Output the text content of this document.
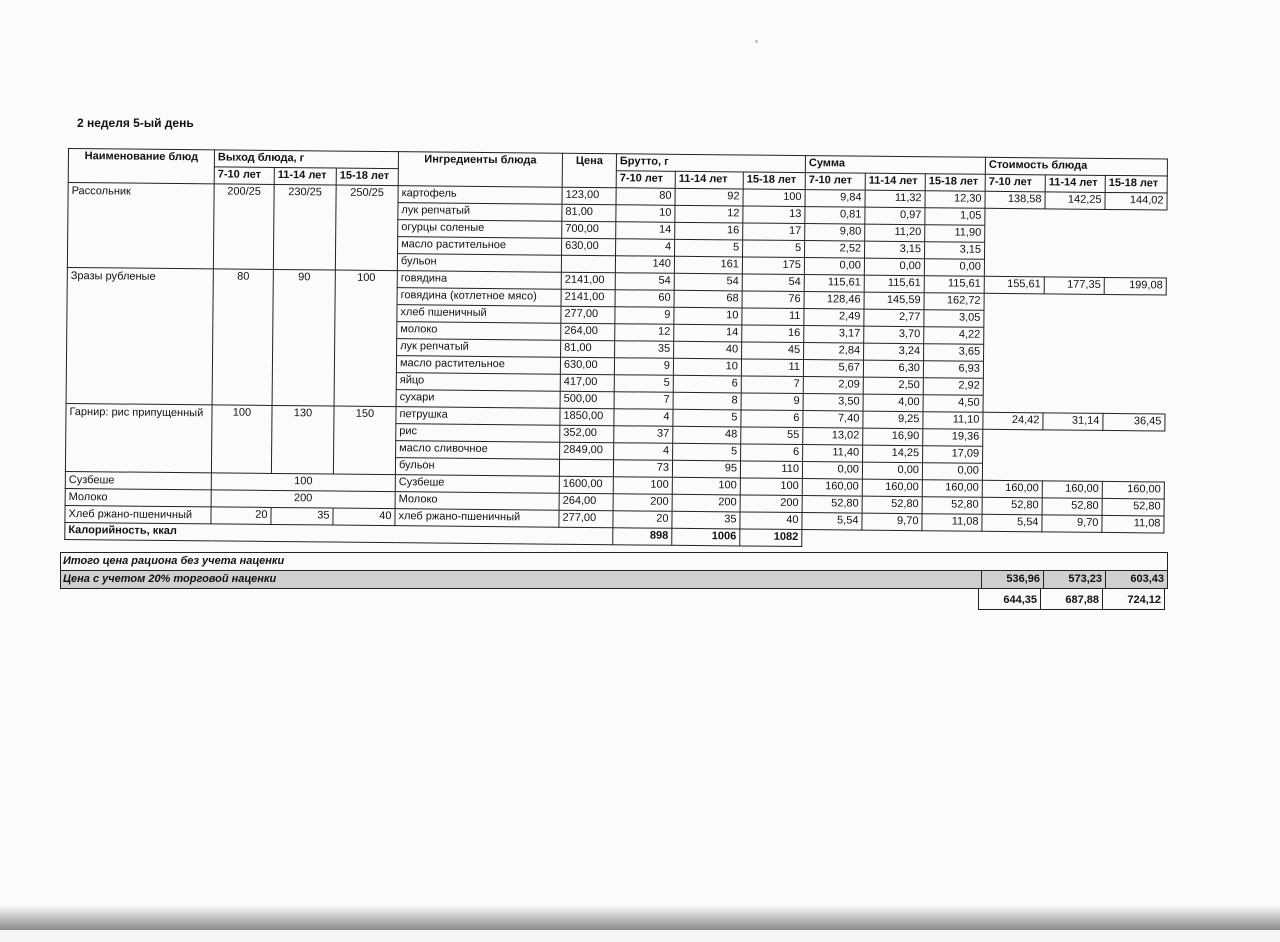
2 неделя 5-ый день
Наименование блюд	Выход блюда, г			Ингредиенты блюда	Цена	Брутто, г			Сумма			Стоимость блюда		
	7-10 лет	11-14 лет	15-18 лет			7-10 лет	11-14 лет	15-18 лет	7-10 лет	11-14 лет	15-18 лет	7-10 лет	11-14 лет	15-18 лет
Рассольник	200/25	230/25	250/25	картофель	123,00	80	92	100	9,84	11,32	12,30	138,58	142,25	144,02
				лук репчатый	81,00	10	12	13	0,81	0,97	1,05			
				огурцы соленые	700,00	14	16	17	9,80	11,20	11,90			
				масло растительное	630,00	4	5	5	2,52	3,15	3,15			
				бульон		140	161	175	0,00	0,00	0,00			
Зразы рубленые	80	90	100	говядина	2141,00	54	54	54	115,61	115,61	115,61	155,61	177,35	199,08
				говядина (котлетное мясо)	2141,00	60	68	76	128,46	145,59	162,72			
				хлеб пшеничный	277,00	9	10	11	2,49	2,77	3,05			
				молоко	264,00	12	14	16	3,17	3,70	4,22			
				лук репчатый	81,00	35	40	45	2,84	3,24	3,65			
				масло растительное	630,00	9	10	11	5,67	6,30	6,93			
				яйцо	417,00	5	6	7	2,09	2,50	2,92			
				сухари	500,00	7	8	9	3,50	4,00	4,50			
Гарнир: рис припущенный	100	130	150	петрушка	1850,00	4	5	6	7,40	9,25	11,10	24,42	31,14	36,45
				рис	352,00	37	48	55	13,02	16,90	19,36			
				масло сливочное	2849,00	4	5	6	11,40	14,25	17,09			
				бульон		73	95	110	0,00	0,00	0,00			
Сузбеше	100			Сузбеше	1600,00	100	100	100	160,00	160,00	160,00	160,00	160,00	160,00
Молоко	200			Молоко	264,00	200	200	200	52,80	52,80	52,80	52,80	52,80	52,80
Хлеб ржано-пшеничный	20	35	40	хлеб ржано-пшеничный	277,00	20	35	40	5,54	9,70	11,08	5,54	9,70	11,08
Калорийность, ккал						898	1006	1082						
Итого цена рациона без учета наценки
Цена с учетом 20% торговой наценки	536,96	573,23	603,43
644,35	687,88	724,12
